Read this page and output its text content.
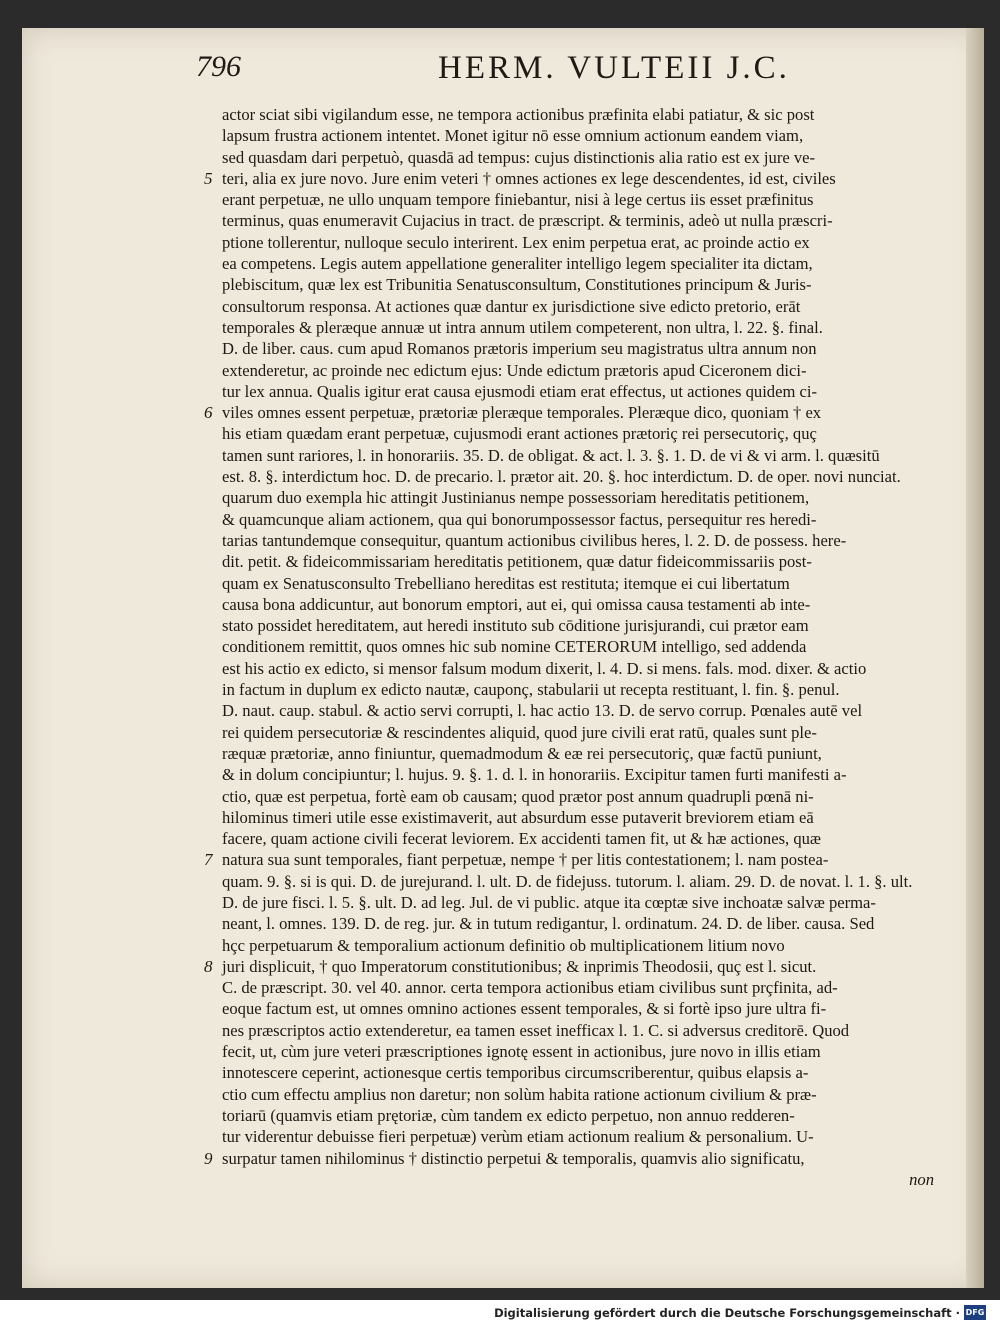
796	HERM. VULTEII J.C.
actor sciat sibi vigilandum esse, ne tempora actionibus præfinita elabi patiatur, & sic post
lapsum frustra actionem intentet. Monet igitur nō esse omnium actionum eandem viam,
sed quasdam dari perpetuò, quasdā ad tempus: cujus distinctionis alia ratio est ex jure ve-
5 teri, alia ex jure novo. Jure enim veteri † omnes actiones ex lege descendentes, id est, civiles
erant perpetuæ, ne ullo unquam tempore finiebantur, nisi à lege certus iis esset præfinitus
terminus, quas enumeravit Cujacius in tract. de præscript. & terminis, adeò ut nulla præscri-
ptione tollerentur, nulloque seculo interirent. Lex enim perpetua erat, ac proinde actio ex
ea competens. Legis autem appellatione generaliter intelligo legem specialiter ita dictam,
plebiscitum, quæ lex est Tribunitia Senatusconsultum, Constitutiones principum & Juris-
consultorum responsa. At actiones quæ dantur ex jurisdictione sive edicto pretorio, erāt
temporales & pleræque annuæ ut intra annum utilem competerent, non ultra, l. 22. §. final.
D. de liber. caus. cum apud Romanos prætoris imperium seu magistratus ultra annum non
extenderetur, ac proinde nec edictum ejus: Unde edictum prætoris apud Ciceronem dici-
tur lex annua. Qualis igitur erat causa ejusmodi etiam erat effectus, ut actiones quidem ci-
6 viles omnes essent perpetuæ, prætoriæ pleræque temporales. Pleræque dico, quoniam † ex
his etiam quædam erant perpetuæ, cujusmodi erant actiones prætoriç rei persecutoriç, quç
tamen sunt rariores, l. in honorariis. 35. D. de obligat. & act. l. 3. §. 1. D. de vi & vi arm. l. quæsitū
est. 8. §. interdictum hoc. D. de precario. l. prætor ait. 20. §. hoc interdictum. D. de oper. novi nunciat.
quarum duo exempla hic attingit Justinianus nempe possessoriam hereditatis petitionem,
& quamcunque aliam actionem, qua qui bonorumpossessor factus, persequitur res heredi-
tarias tantundemque consequitur, quantum actionibus civilibus heres, l. 2. D. de possess. here-
dit. petit. & fideicommissariam hereditatis petitionem, quæ datur fideicommissariis post-
quam ex Senatusconsulto Trebelliano hereditas est restituta; itemque ei cui libertatum
causa bona addicuntur, aut bonorum emptori, aut ei, qui omissa causa testamenti ab inte-
stato possidet hereditatem, aut heredi instituto sub cōditione jurisjurandi, cui prætor eam
conditionem remittit, quos omnes hic sub nomine CETERORUM intelligo, sed addenda
est his actio ex edicto, si mensor falsum modum dixerit, l. 4. D. si mens. fals. mod. dixer. & actio
in factum in duplum ex edicto nautæ, cauponç, stabularii ut recepta restituant, l. fin. §. penul.
D. naut. caup. stabul. & actio servi corrupti, l. hac actio 13. D. de servo corrup. Pœnales autē vel
rei quidem persecutoriæ & rescindentes aliquid, quod jure civili erat ratū, quales sunt ple-
ræquæ prætoriæ, anno finiuntur, quemadmodum & eæ rei persecutoriç, quæ factū puniunt,
& in dolum concipiuntur; l. hujus. 9. §. 1. d. l. in honorariis. Excipitur tamen furti manifesti a-
ctio, quæ est perpetua, fortè eam ob causam; quod prætor post annum quadrupli pœnā ni-
hilominus timeri utile esse existimaverit, aut absurdum esse putaverit breviorem etiam eā
facere, quam actione civili fecerat leviorem. Ex accidenti tamen fit, ut & hæ actiones, quæ
7 natura sua sunt temporales, fiant perpetuæ, nempe † per litis contestationem; l. nam postea-
quam. 9. §. si is qui. D. de jurejurand. l. ult. D. de fidejuss. tutorum. l. aliam. 29. D. de novat. l. 1. §. ult.
D. de jure fisci. l. 5. §. ult. D. ad leg. Jul. de vi public. atque ita cœptæ sive inchoatæ salvæ perma-
neant, l. omnes. 139. D. de reg. jur. & in tutum redigantur, l. ordinatum. 24. D. de liber. causa. Sed
hçc perpetuarum & temporalium actionum definitio ob multiplicationem litium novo
8 juri displicuit, † quo Imperatorum constitutionibus; & inprimis Theodosii, quç est l. sicut.
C. de præscript. 30. vel 40. annor. certa tempora actionibus etiam civilibus sunt prçfinita, ad-
eoque factum est, ut omnes omnino actiones essent temporales, & si fortè ipso jure ultra fi-
nes præscriptos actio extenderetur, ea tamen esset inefficax l. 1. C. si adversus creditorē. Quod
fecit, ut, cùm jure veteri præscriptiones ignotę essent in actionibus, jure novo in illis etiam
innotescere ceperint, actionesque certis temporibus circumscriberentur, quibus elapsis a-
ctio cum effectu amplius non daretur; non solùm habita ratione actionum civilium & præ-
toriarū (quamvis etiam prętoriæ, cùm tandem ex edicto perpetuo, non annuo redderen-
tur viderentur debuisse fieri perpetuæ) verùm etiam actionum realium & personalium. U-
9 surpatur tamen nihilominus † distinctio perpetui & temporalis, quamvis alio significatu,
non
Digitalisierung gefördert durch die Deutsche Forschungsgemeinschaft · DFG
